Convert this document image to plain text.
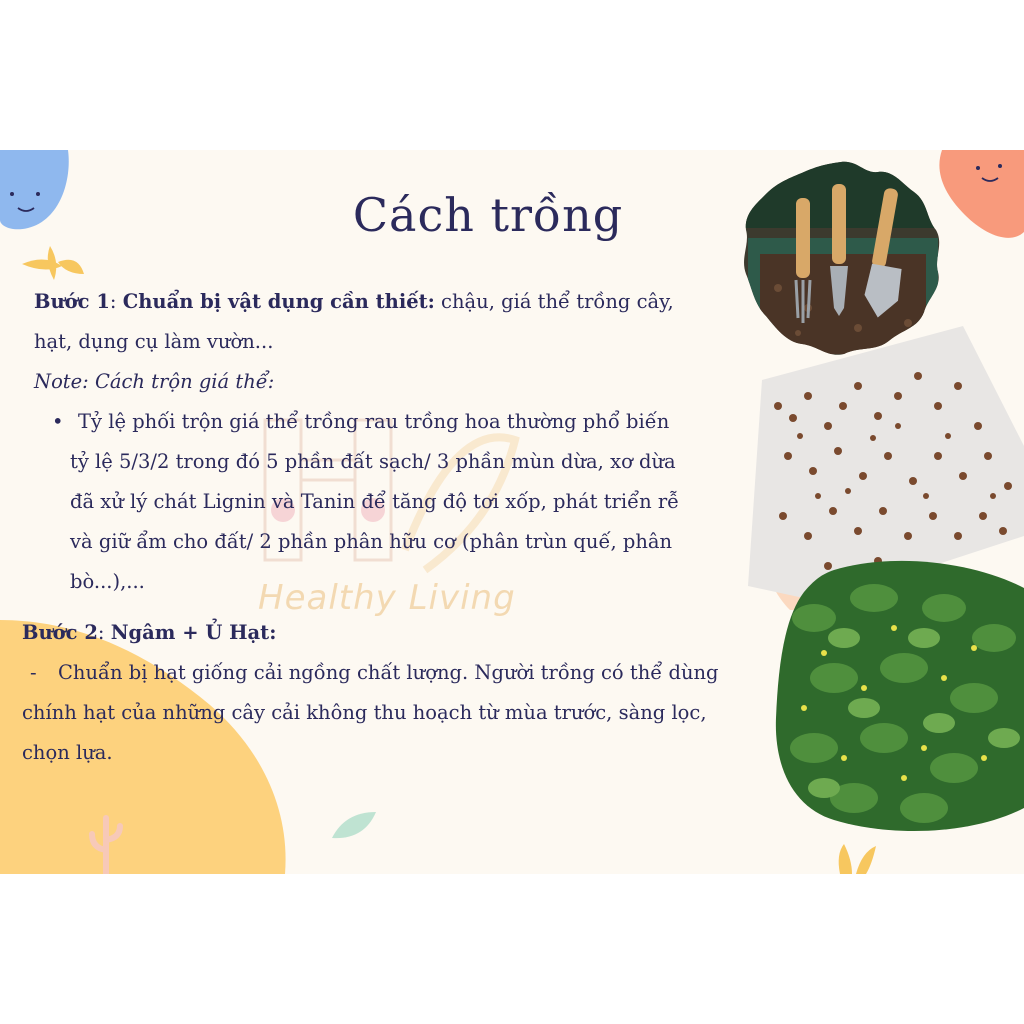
Healthy Living
Cách trồng
Bước 1: Chuẩn bị vật dụng cần thiết: chậu, giá thể trồng cây,
hạt, dụng cụ làm vườn...
Note: Cách trộn giá thể:
• Tỷ lệ phối trộn giá thể trồng rau trồng hoa thường phổ biến
tỷ lệ 5/3/2 trong đó 5 phần đất sạch/ 3 phần mùn dừa, xơ dừa
đã xử lý chát Lignin và Tanin để tăng độ tơi xốp, phát triển rễ
và giữ ẩm cho đất/ 2 phần phân hữu cơ (phân trùn quế, phân
bò...),...
Bước 2: Ngâm + Ủ Hạt:
- Chuẩn bị hạt giống cải ngồng chất lượng. Người trồng có thể dùng
chính hạt của những cây cải không thu hoạch từ mùa trước, sàng lọc,
chọn lựa.
